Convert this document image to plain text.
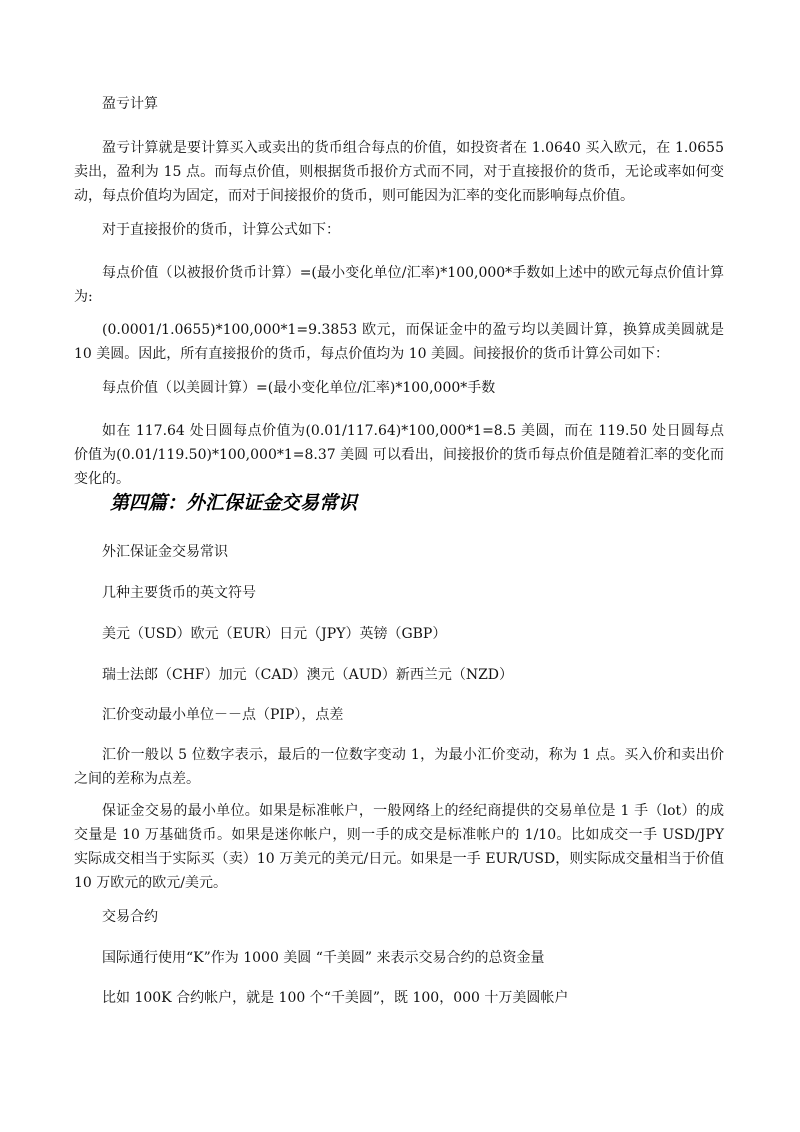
盈亏计算

盈亏计算就是要计算买入或卖出的货币组合每点的价值，如投资者在 1.0640 买入欧元，在 1.0655 卖出，盈利为 15 点。而每点价值，则根据货币报价方式而不同，对于直接报价的货币，无论或率如何变动，每点价值均为固定，而对于间接报价的货币，则可能因为汇率的变化而影响每点价值。

对于直接报价的货币，计算公式如下：

每点价值（以被报价货币计算）=(最小变化单位/汇率)*100,000*手数如上述中的欧元每点价值计算为:

(0.0001/1.0655)*100,000*1=9.3853 欧元，而保证金中的盈亏均以美圆计算，换算成美圆就是 10 美圆。因此，所有直接报价的货币，每点价值均为 10 美圆。间接报价的货币计算公司如下：

每点价值（以美圆计算）=(最小变化单位/汇率)*100,000*手数

如在 117.64 处日圆每点价值为(0.01/117.64)*100,000*1=8.5 美圆，而在 119.50 处日圆每点价值为(0.01/119.50)*100,000*1=8.37 美圆 可以看出，间接报价的货币每点价值是随着汇率的变化而变化的。

第四篇：外汇保证金交易常识

外汇保证金交易常识

几种主要货币的英文符号

美元（USD）欧元（EUR）日元（JPY）英镑（GBP）

瑞士法郎（CHF）加元（CAD）澳元（AUD）新西兰元（NZD）

汇价变动最小单位－－点（PIP），点差

汇价一般以 5 位数字表示，最后的一位数字变动 1，为最小汇价变动，称为 1 点。买入价和卖出价之间的差称为点差。

保证金交易的最小单位。如果是标准帐户，一般网络上的经纪商提供的交易单位是 1 手（lot）的成交量是 10 万基础货币。如果是迷你帐户，则一手的成交是标准帐户的 1/10。比如成交一手 USD/JPY 实际成交相当于实际买（卖）10 万美元的美元/日元。如果是一手 EUR/USD，则实际成交量相当于价值 10 万欧元的欧元/美元。

交易合约

国际通行使用“K”作为 1000 美圆 “千美圆” 来表示交易合约的总资金量

比如 100K 合约帐户，就是 100 个“千美圆”，既 100，000 十万美圆帐户
